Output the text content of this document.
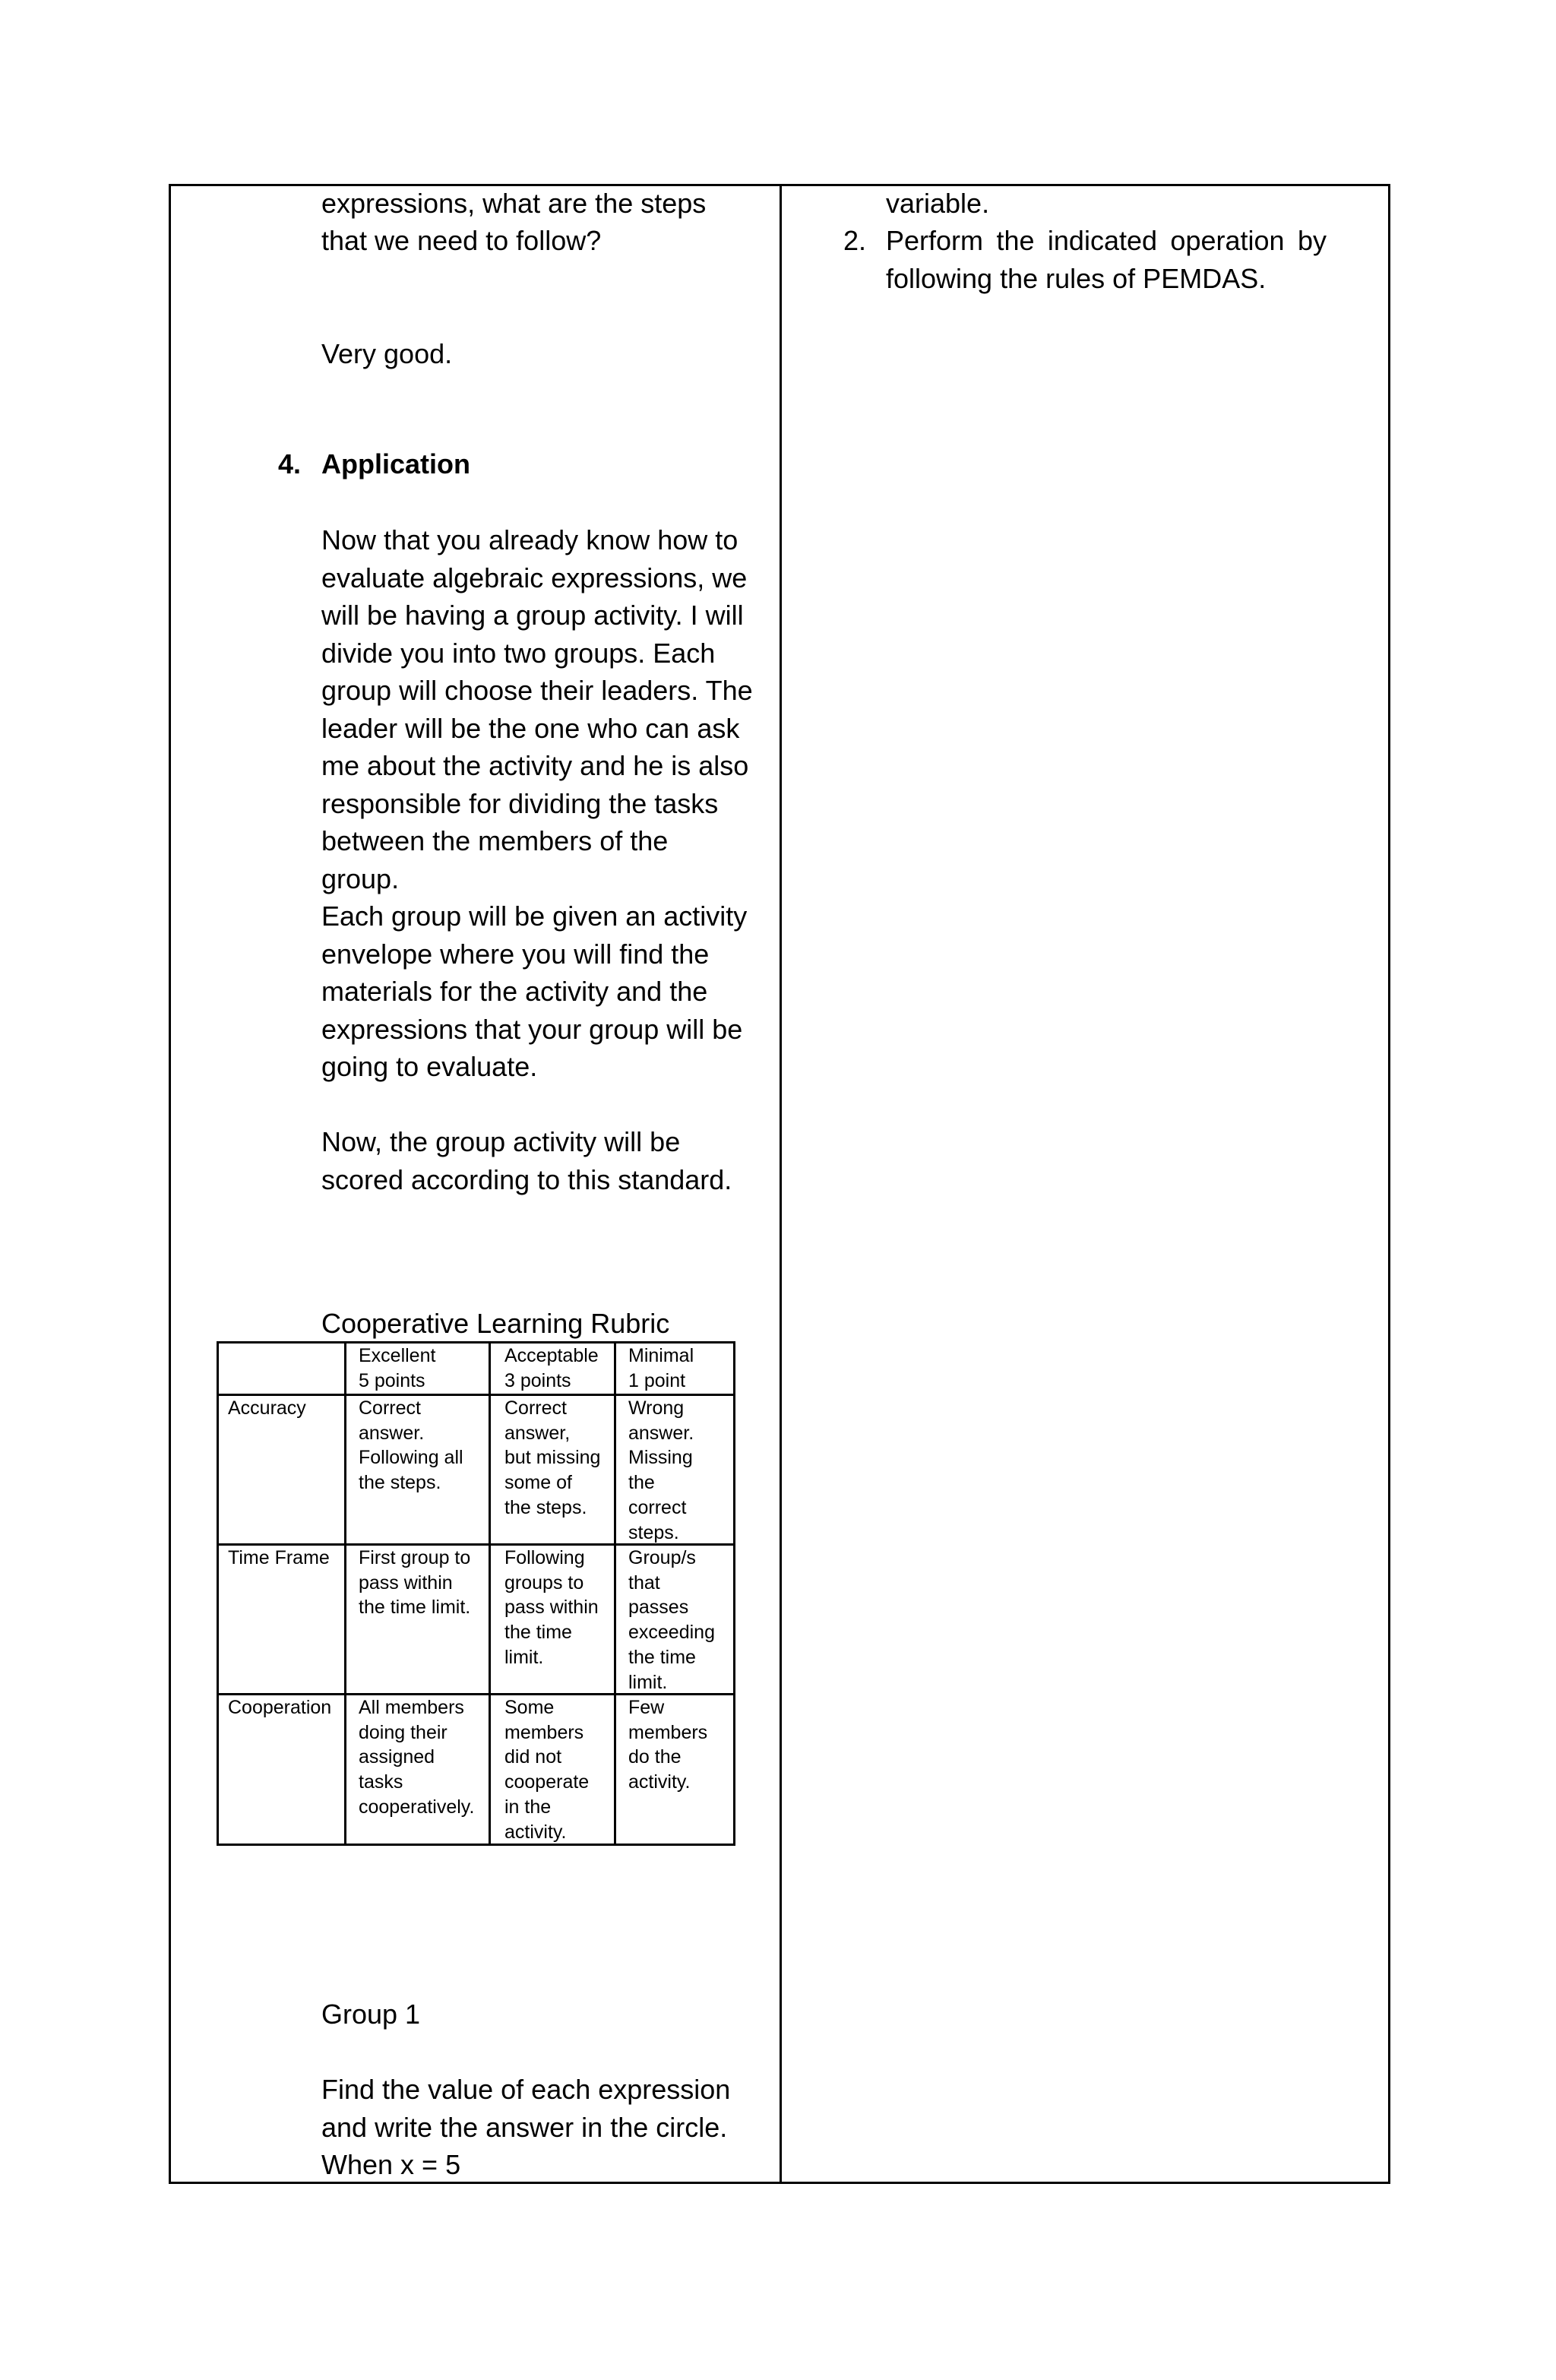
expressions, what are the steps
that we need to follow?
Very good.
4. Application
Now that you already know how to
evaluate algebraic expressions, we
will be having a group activity. I will
divide you into two groups. Each
group will choose their leaders. The
leader will be the one who can ask
me about the activity and he is also
responsible for dividing the tasks
between the members of the
group.
Each group will be given an activity
envelope where you will find the
materials for the activity and the
expressions that your group will be
going to evaluate.
Now, the group activity will be
scored according to this standard.
Cooperative Learning Rubric
Excellent
5 points
Acceptable
3 points
Minimal
1 point
Accuracy	Correct
answer.
Following all
the steps.
Correct
answer,
but missing
some of
the steps.
Wrong
answer.
Missing
the
correct
steps.
Time Frame First group to
pass within
the time limit.
Following
groups to
pass within
the time
limit.
Group/s
that
passes
exceeding
the time
limit.
Cooperation All members
doing their
assigned
tasks
cooperatively.
Some
members
did not
cooperate
in the
activity.
Few
members
do the
activity.
Group 1
Find the value of each expression
and write the answer in the circle.
When x = 5
variable.
2. Perform the indicated operation by
following the rules of PEMDAS.
